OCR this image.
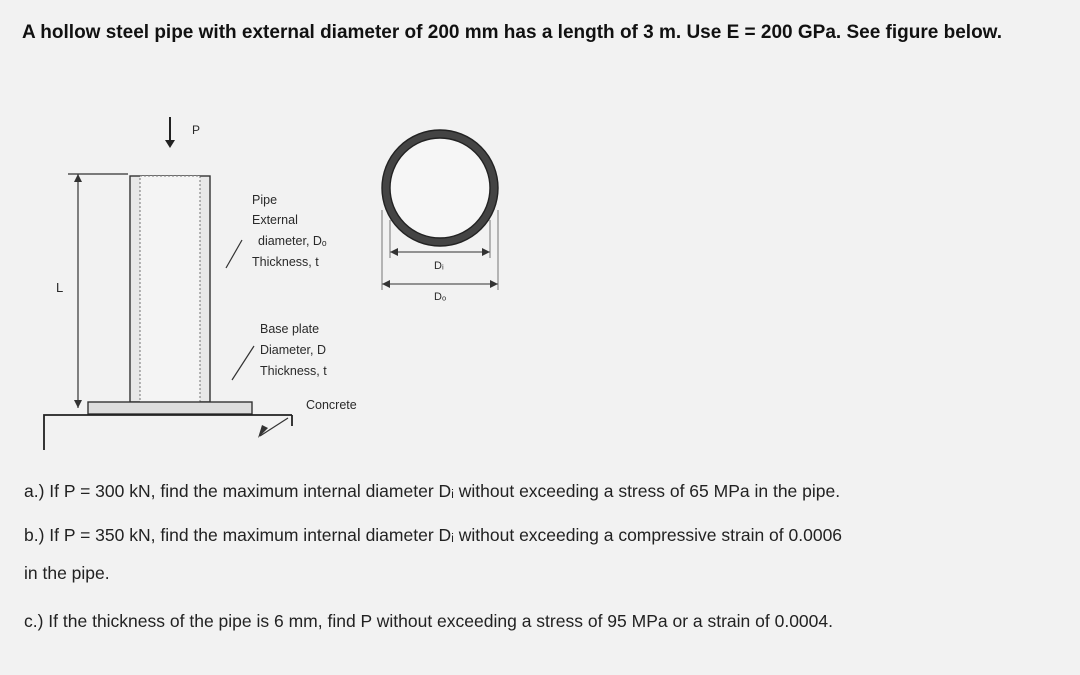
A hollow steel pipe with external diameter of 200 mm has a length of 3 m. Use E = 200 GPa. See figure below.
P
L
Pipe External diameter, Dₒ Thickness, t
Base plate Diameter, D Thickness, t
Concrete
Dᵢ
Dₒ
a.) If P = 300 kN, find the maximum internal diameter Dᵢ without exceeding a stress of 65 MPa in the pipe.
b.) If P = 350 kN, find the maximum internal diameter Dᵢ without exceeding a compressive strain of 0.0006
in the pipe.
c.) If the thickness of the pipe is 6 mm, find P without exceeding a stress of 95 MPa or a strain of 0.0004.
